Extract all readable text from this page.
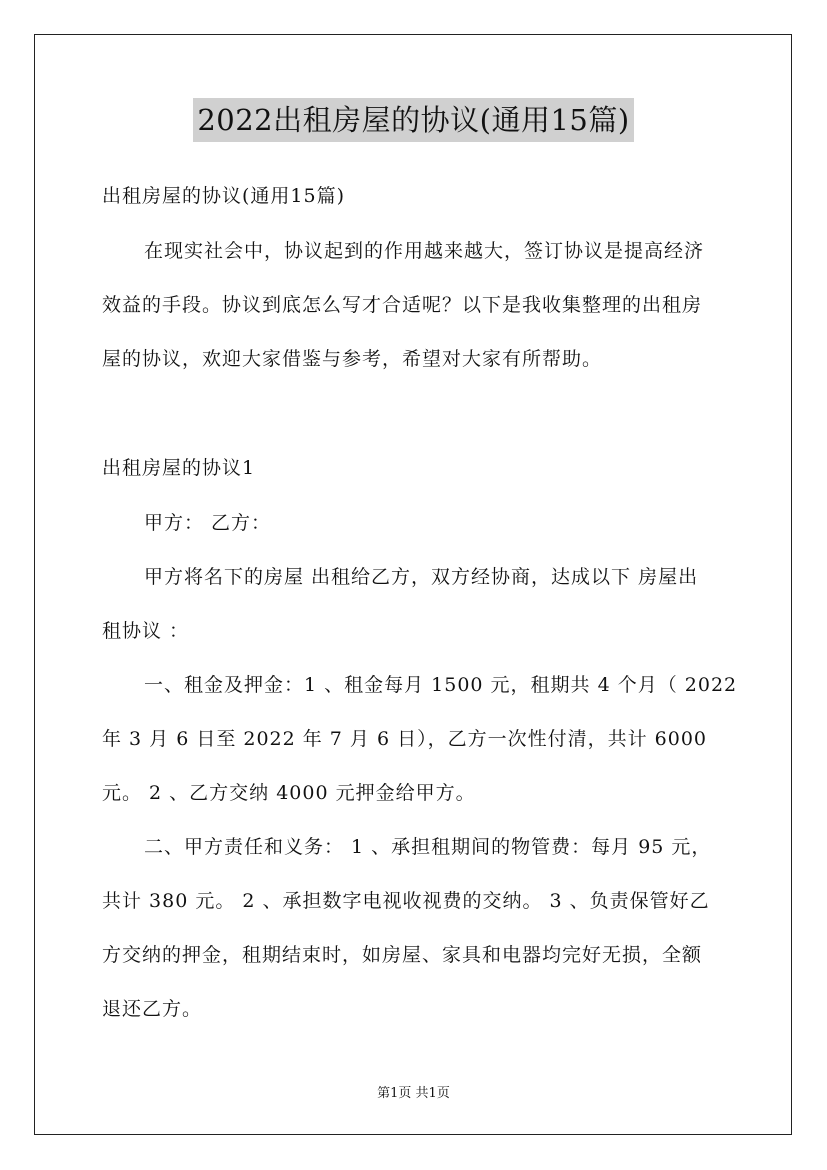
2022出租房屋的协议(通用15篇)
出租房屋的协议(通用15篇)
在现实社会中，协议起到的作用越来越大，签订协议是提高经济
效益的手段。协议到底怎么写才合适呢？以下是我收集整理的出租房
屋的协议，欢迎大家借鉴与参考，希望对大家有所帮助。
出租房屋的协议1
甲方： 乙方：
甲方将名下的房屋 出租给乙方，双方经协商，达成以下 房屋出
租协议 ：
一、租金及押金：1 、租金每月 1500 元，租期共 4 个月（ 2022
年 3 月 6 日至 2022 年 7 月 6 日），乙方一次性付清，共计 6000
元。 2 、乙方交纳 4000 元押金给甲方。
二、甲方责任和义务： 1 、承担租期间的物管费：每月 95 元，
共计 380 元。 2 、承担数字电视收视费的交纳。 3 、负责保管好乙
方交纳的押金，租期结束时，如房屋、家具和电器均完好无损，全额
退还乙方。
第1页 共1页
